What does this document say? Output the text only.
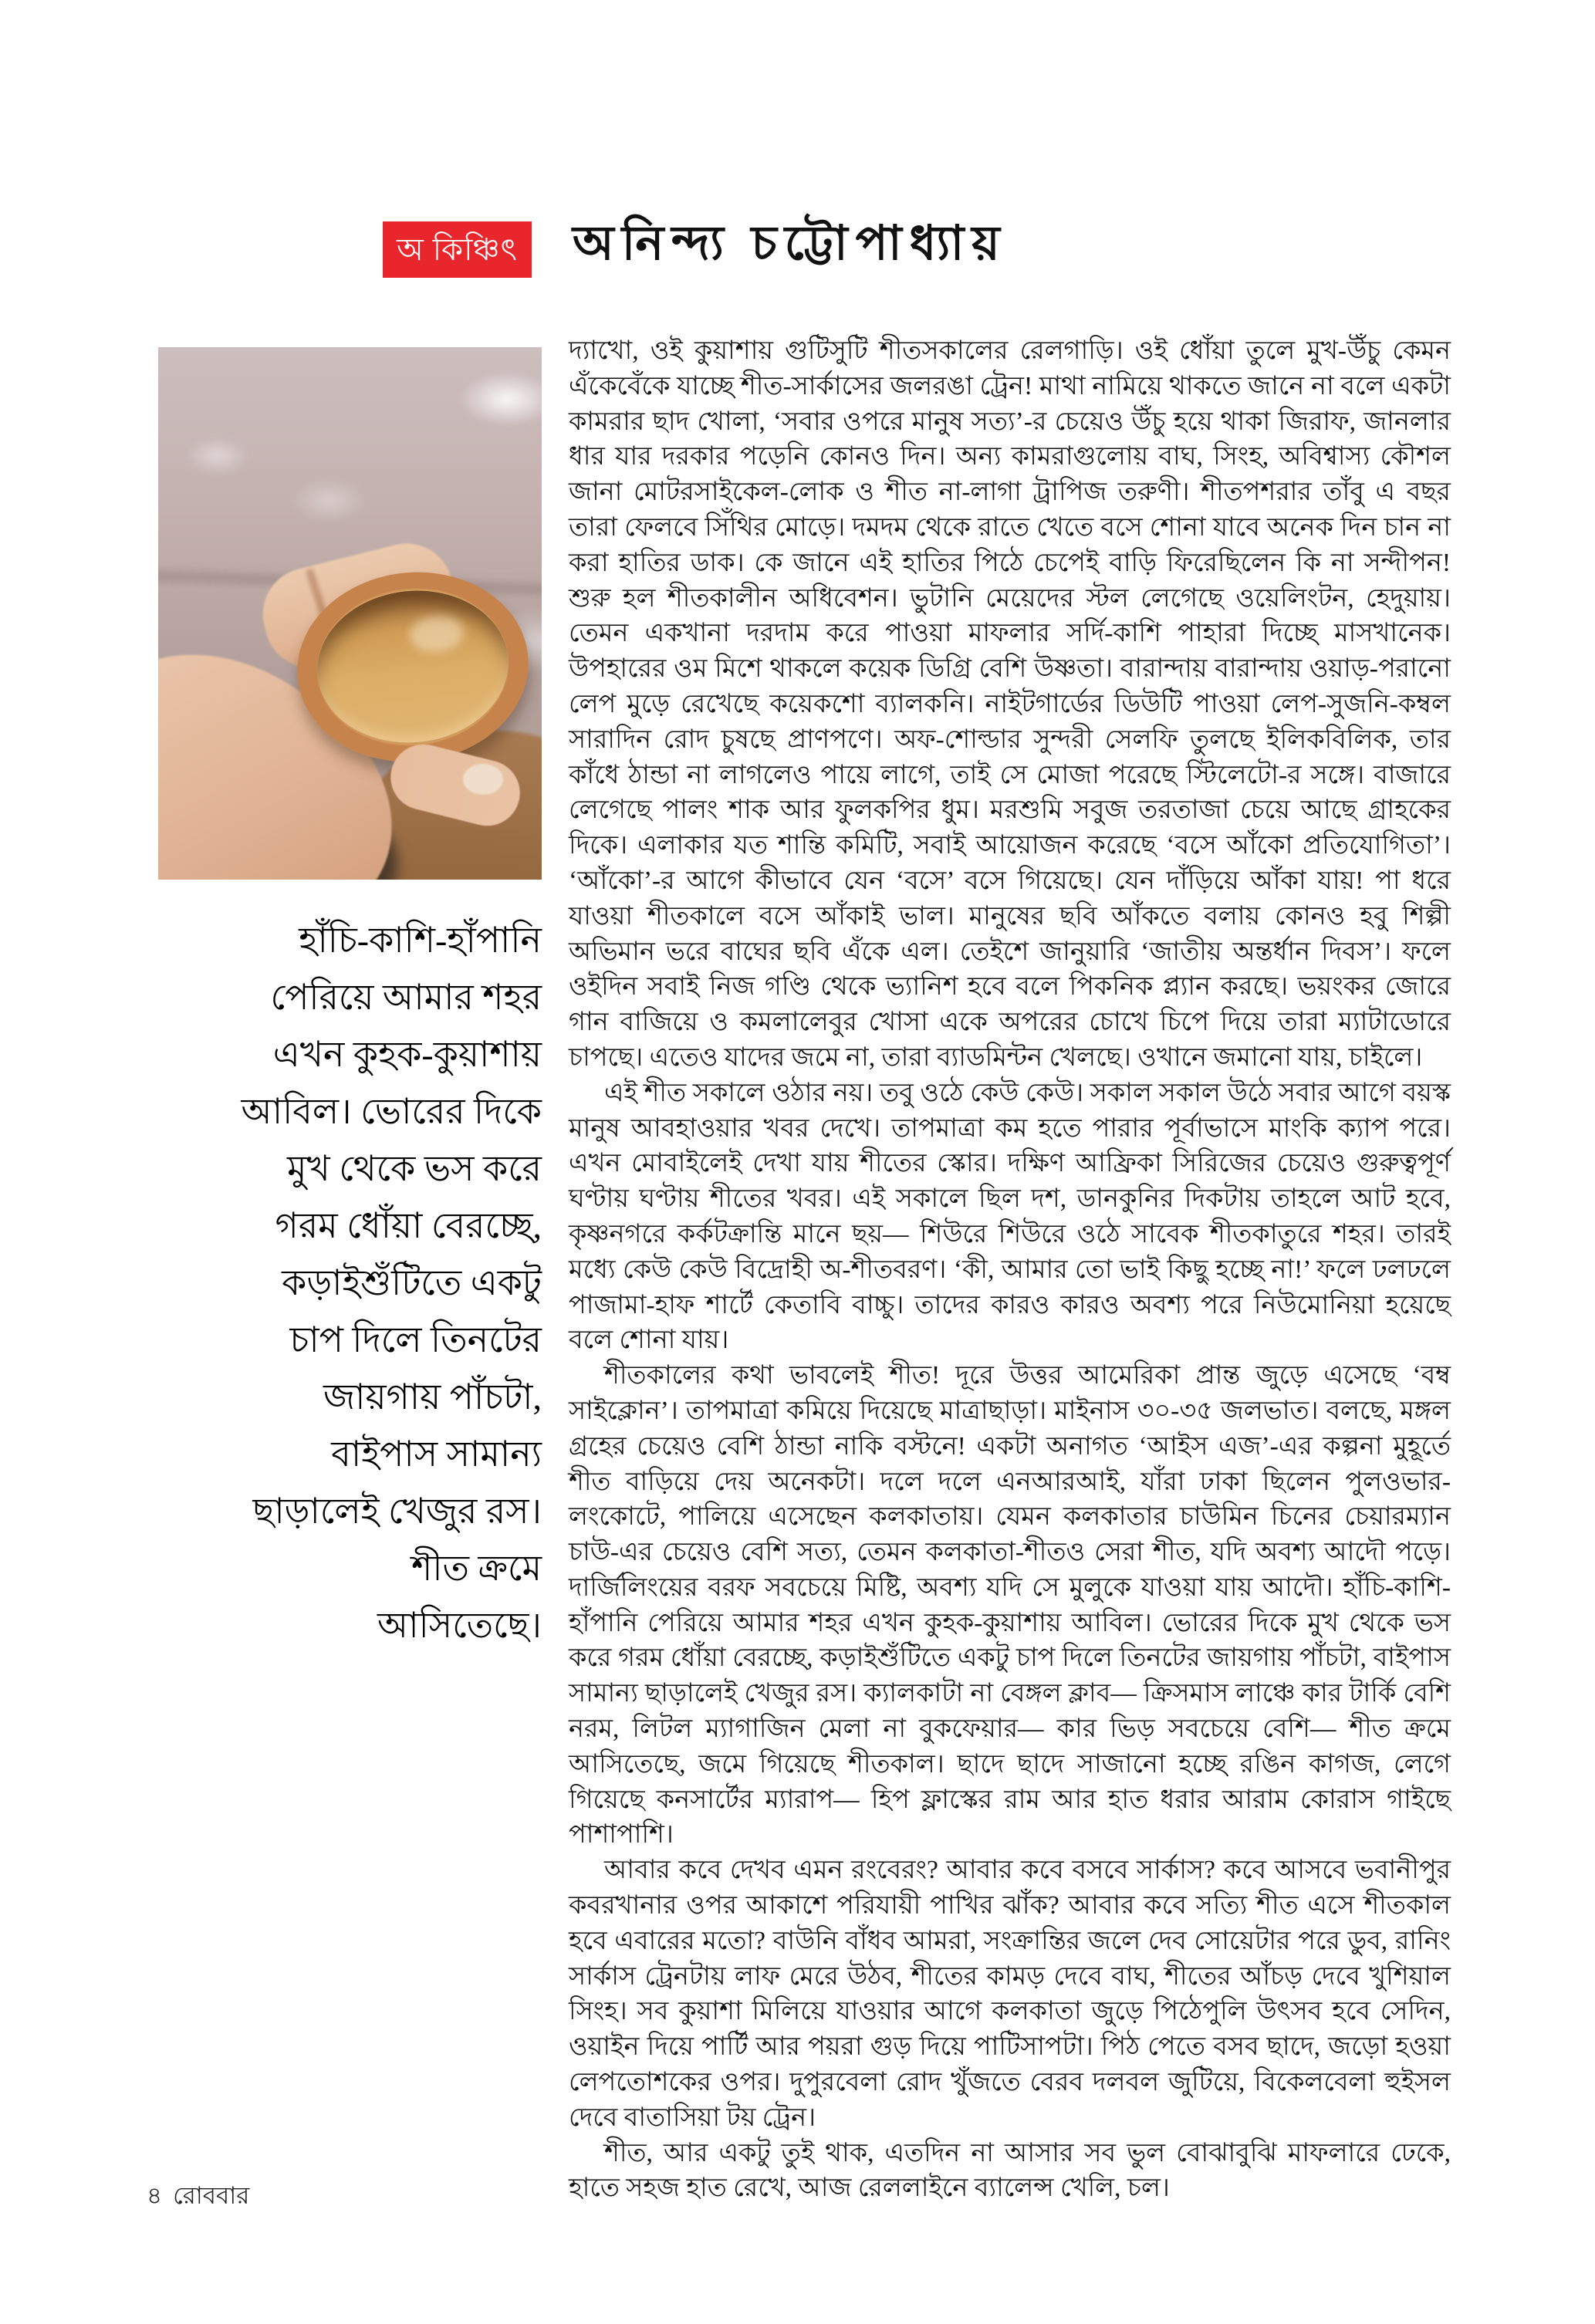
অ কিঞ্চিৎ অনিন্দ্য চট্টোপাধ্যায়
হাঁচি-কাশি-হাঁপানি
পেরিয়ে আমার শহর
এখন কুহক-কুয়াশায়
আবিল। ভোরের দিকে
মুখ থেকে ভস করে
গরম ধোঁয়া বেরচ্ছে,
কড়াইশুঁটিতে একটু
চাপ দিলে তিনটের
জায়গায় পাঁচটা,
বাইপাস সামান্য
ছাড়ালেই খেজুর রস।
শীত ক্রমে
আসিতেছে।

দ্যাখো, ওই কুয়াশায় গুটিসুটি শীতসকালের রেলগাড়ি। ওই ধোঁয়া তুলে মুখ-উঁচু কেমন এঁকেবেঁকে যাচ্ছে শীত-সার্কাসের জলরঙা ট্রেন! মাথা নামিয়ে থাকতে জানে না বলে একটা কামরার ছাদ খোলা, ‘সবার ওপরে মানুষ সত্য’-র চেয়েও উঁচু হয়ে থাকা জিরাফ, জানলার ধার যার দরকার পড়েনি কোনও দিন। অন্য কামরাগুলোয় বাঘ, সিংহ, অবিশ্বাস্য কৌশল জানা মোটরসাইকেল-লোক ও শীত না-লাগা ট্রাপিজ তরুণী। শীতপশরার তাঁবু এ বছর তারা ফেলবে সিঁথির মোড়ে। দমদম থেকে রাতে খেতে বসে শোনা যাবে অনেক দিন চান না করা হাতির ডাক। কে জানে এই হাতির পিঠে চেপেই বাড়ি ফিরেছিলেন কি না সন্দীপন! শুরু হল শীতকালীন অধিবেশন। ভুটানি মেয়েদের স্টল লেগেছে ওয়েলিংটন, হেদুয়ায়। তেমন একখানা দরদাম করে পাওয়া মাফলার সর্দি-কাশি পাহারা দিচ্ছে মাসখানেক। উপহারের ওম মিশে থাকলে কয়েক ডিগ্রি বেশি উষ্ণতা। বারান্দায় বারান্দায় ওয়াড়-পরানো লেপ মুড়ে রেখেছে কয়েকশো ব্যালকনি। নাইটগার্ডের ডিউটি পাওয়া লেপ-সুজনি-কম্বল সারাদিন রোদ চুষছে প্রাণপণে। অফ-শোল্ডার সুন্দরী সেলফি তুলছে ইলিকবিলিক, তার কাঁধে ঠান্ডা না লাগলেও পায়ে লাগে, তাই সে মোজা পরেছে স্টিলেটো-র সঙ্গে। বাজারে লেগেছে পালং শাক আর ফুলকপির ধুম। মরশুমি সবুজ তরতাজা চেয়ে আছে গ্রাহকের দিকে। এলাকার যত শান্তি কমিটি, সবাই আয়োজন করেছে ‘বসে আঁকো প্রতিযোগিতা’। ‘আঁকো’-র আগে কীভাবে যেন ‘বসে’ বসে গিয়েছে। যেন দাঁড়িয়ে আঁকা যায়! পা ধরে যাওয়া শীতকালে বসে আঁকাই ভাল। মানুষের ছবি আঁকতে বলায় কোনও হবু শিল্পী অভিমান ভরে বাঘের ছবি এঁকে এল। তেইশে জানুয়ারি ‘জাতীয় অন্তর্ধান দিবস’। ফলে ওইদিন সবাই নিজ গণ্ডি থেকে ভ্যানিশ হবে বলে পিকনিক প্ল্যান করছে। ভয়ংকর জোরে গান বাজিয়ে ও কমলালেবুর খোসা একে অপরের চোখে চিপে দিয়ে তারা ম্যাটাডোরে চাপছে। এতেও যাদের জমে না, তারা ব্যাডমিন্টন খেলছে। ওখানে জমানো যায়, চাইলে।

এই শীত সকালে ওঠার নয়। তবু ওঠে কেউ কেউ। সকাল সকাল উঠে সবার আগে বয়স্ক মানুষ আবহাওয়ার খবর দেখে। তাপমাত্রা কম হতে পারার পূর্বাভাসে মাংকি ক্যাপ পরে। এখন মোবাইলেই দেখা যায় শীতের স্কোর। দক্ষিণ আফ্রিকা সিরিজের চেয়েও গুরুত্বপূর্ণ ঘণ্টায় ঘণ্টায় শীতের খবর। এই সকালে ছিল দশ, ডানকুনির দিকটায় তাহলে আট হবে, কৃষ্ণনগরে কর্কটক্রান্তি মানে ছয়— শিউরে শিউরে ওঠে সাবেক শীতকাতুরে শহর। তারই মধ্যে কেউ কেউ বিদ্রোহী অ-শীতবরণ। ‘কী, আমার তো ভাই কিছু হচ্ছে না!’ ফলে ঢলঢলে পাজামা-হাফ শার্টে কেতাবি বাচ্চু। তাদের কারও কারও অবশ্য পরে নিউমোনিয়া হয়েছে বলে শোনা যায়।

শীতকালের কথা ভাবলেই শীত! দূরে উত্তর আমেরিকা প্রান্ত জুড়ে এসেছে ‘বম্ব সাইক্লোন’। তাপমাত্রা কমিয়ে দিয়েছে মাত্রাছাড়া। মাইনাস ৩০-৩৫ জলভাত। বলছে, মঙ্গল গ্রহের চেয়েও বেশি ঠান্ডা নাকি বস্টনে! একটা অনাগত ‘আইস এজ’-এর কল্পনা মুহূর্তে শীত বাড়িয়ে দেয় অনেকটা। দলে দলে এনআরআই, যাঁরা ঢাকা ছিলেন পুলওভার-লংকোটে, পালিয়ে এসেছেন কলকাতায়। যেমন কলকাতার চাউমিন চিনের চেয়ারম্যান চাউ-এর চেয়েও বেশি সত্য, তেমন কলকাতা-শীতও সেরা শীত, যদি অবশ্য আদৌ পড়ে। দার্জিলিংয়ের বরফ সবচেয়ে মিষ্টি, অবশ্য যদি সে মুলুকে যাওয়া যায় আদৌ। হাঁচি-কাশি-হাঁপানি পেরিয়ে আমার শহর এখন কুহক-কুয়াশায় আবিল। ভোরের দিকে মুখ থেকে ভস করে গরম ধোঁয়া বেরচ্ছে, কড়াইশুঁটিতে একটু চাপ দিলে তিনটের জায়গায় পাঁচটা, বাইপাস সামান্য ছাড়ালেই খেজুর রস। ক্যালকাটা না বেঙ্গল ক্লাব— ক্রিসমাস লাঞ্চে কার টার্কি বেশি নরম, লিটল ম্যাগাজিন মেলা না বুকফেয়ার— কার ভিড় সবচেয়ে বেশি— শীত ক্রমে আসিতেছে, জমে গিয়েছে শীতকাল। ছাদে ছাদে সাজানো হচ্ছে রঙিন কাগজ, লেগে গিয়েছে কনসার্টের ম্যারাপ— হিপ ফ্লাস্কের রাম আর হাত ধরার আরাম কোরাস গাইছে পাশাপাশি।

আবার কবে দেখব এমন রংবেরং? আবার কবে বসবে সার্কাস? কবে আসবে ভবানীপুর কবরখানার ওপর আকাশে পরিযায়ী পাখির ঝাঁক? আবার কবে সত্যি শীত এসে শীতকাল হবে এবারের মতো? বাউনি বাঁধব আমরা, সংক্রান্তির জলে দেব সোয়েটার পরে ডুব, রানিং সার্কাস ট্রেনটায় লাফ মেরে উঠব, শীতের কামড় দেবে বাঘ, শীতের আঁচড় দেবে খুশিয়াল সিংহ। সব কুয়াশা মিলিয়ে যাওয়ার আগে কলকাতা জুড়ে পিঠেপুলি উৎসব হবে সেদিন, ওয়াইন দিয়ে পার্টি আর পয়রা গুড় দিয়ে পাটিসাপটা। পিঠ পেতে বসব ছাদে, জড়ো হওয়া লেপতোশকের ওপর। দুপুরবেলা রোদ খুঁজতে বেরব দলবল জুটিয়ে, বিকেলবেলা হুইসল দেবে বাতাসিয়া টয় ট্রেন।

শীত, আর একটু তুই থাক, এতদিন না আসার সব ভুল বোঝাবুঝি মাফলারে ঢেকে, হাতে সহজ হাত রেখে, আজ রেললাইনে ব্যালেন্স খেলি, চল।

৪ রোববার
